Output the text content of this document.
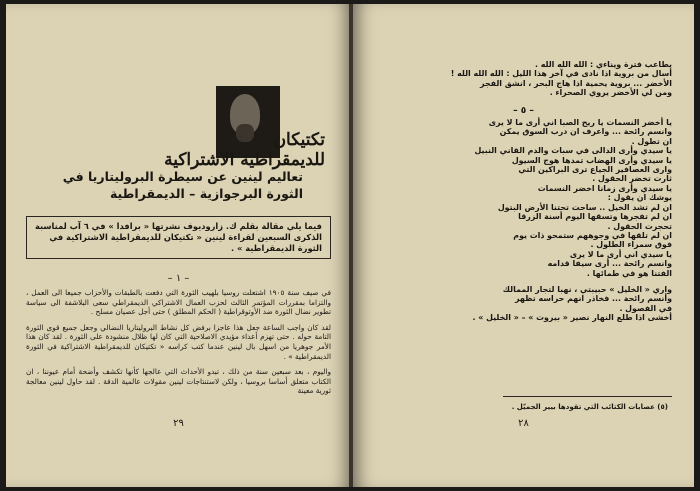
تكتيكان
للديمقراطية الاشتراكية
تعاليم لينين عن سيطرة البروليتاريا في الثورة البرجوازية – الديمقراطية
فيما يلي مقالة بقلم ك. زاروديوف نشرتها « برافدا » في ٦ آب لمناسبة الذكرى السبعين لقراءة لينين « تكتيكان للديمقراطية الاشتراكية في الثورة الديمقراطية » .
– ١ –

في صيف سنة ١٩٠٥ اشتعلت روسيا بلهيب الثورة التي دفعت بالطبقات والأحزاب جميعا الى العمل ، والتزاما بمقررات المؤتمر الثالث لحزب العمال الاشتراكي الديمقراطي سعى البلاشفة الى سياسة تطوير نضال الثورة ضد الأوتوقراطية ( الحكم المطلق ) حتى أجل عصيان مسلح .

لقد كان واجب الساعة جعل هذا عاجزا برفض كل نشاط البروليتاريا النضالي وجعل جميع قوى الثورة التامة حوله . حتى تهزم أعداء مؤيدي الاصلاحية التي كان لها ظلال منشودة على الثورة . لقد كان هذا الأمر جوهريا من اسهل بال لينين عندما كتب كراسه « تكتيكان للديمقراطية الاشتراكية في الثورة الديمقراطية » .

واليوم ، بعد سبعين سنة من ذلك ، تبدو الأحداث التي عالجها كأنها تكشف وأضحة أمام عيوننا ، ان الكتاب متعلق أساسا بروسيا ، ولكن لاستنتاجات لينين مقولات عالمية الدقة . لقد حاول لينين معالجة ثورية معينة

٢٩
يطاعب فترة ويناءي : الله الله الله .
أسال من بروية اذا نادى في آخر هذا الليل : الله الله الله !
الأخضر ... بروية يحمية اذا هاج البحر ، انشق الفجر
ومن لي الأخضر يروي الصحراء .
– ٥ –
يا أخضر النسمات يا ريح الصبا اني أرى ما لا يرى
وانسم رائحة ... واعرف ان درب السوق يمكن
ان تطول .
يا سيدي وأرى الدالى في سبات والدم القاني النبيل
يا سيدي وأرى الهضاب تمدها هوج السيول
وارى العصافير الجياع ترى البراكين التي
ثارت تخضر الحقول .
يا سيدي وأرى زمانا اخضر النسمات
يوشك ان يقول :
ان لم تشد الخيل .. ساحت تحتنا الأرض البتول
ان لم تفجرها وتسقها اليوم أسنة الزرقا
تحجرت الحقول .
ان لم تلقها في وجوههم ستمحو ذات يوم
فوق سمراء الطلول .
يا سيدي اني أرى ما لا يرى
وانسم رائحة ... أرى سيفا قدامه
الفتنا هو في طمائها .
واري « الخليل » حبيبتي ، نهبا لتجار الممالك
وأنسم رائحة ... فخاذر انهم حراسه تظهر
في الفصول .
أخشى اذا طلع النهار نصير « بيروت » – « الخليل » .
(٥) عصابات الكتائب التي تقودها بيير الجميّل .
٢٨
